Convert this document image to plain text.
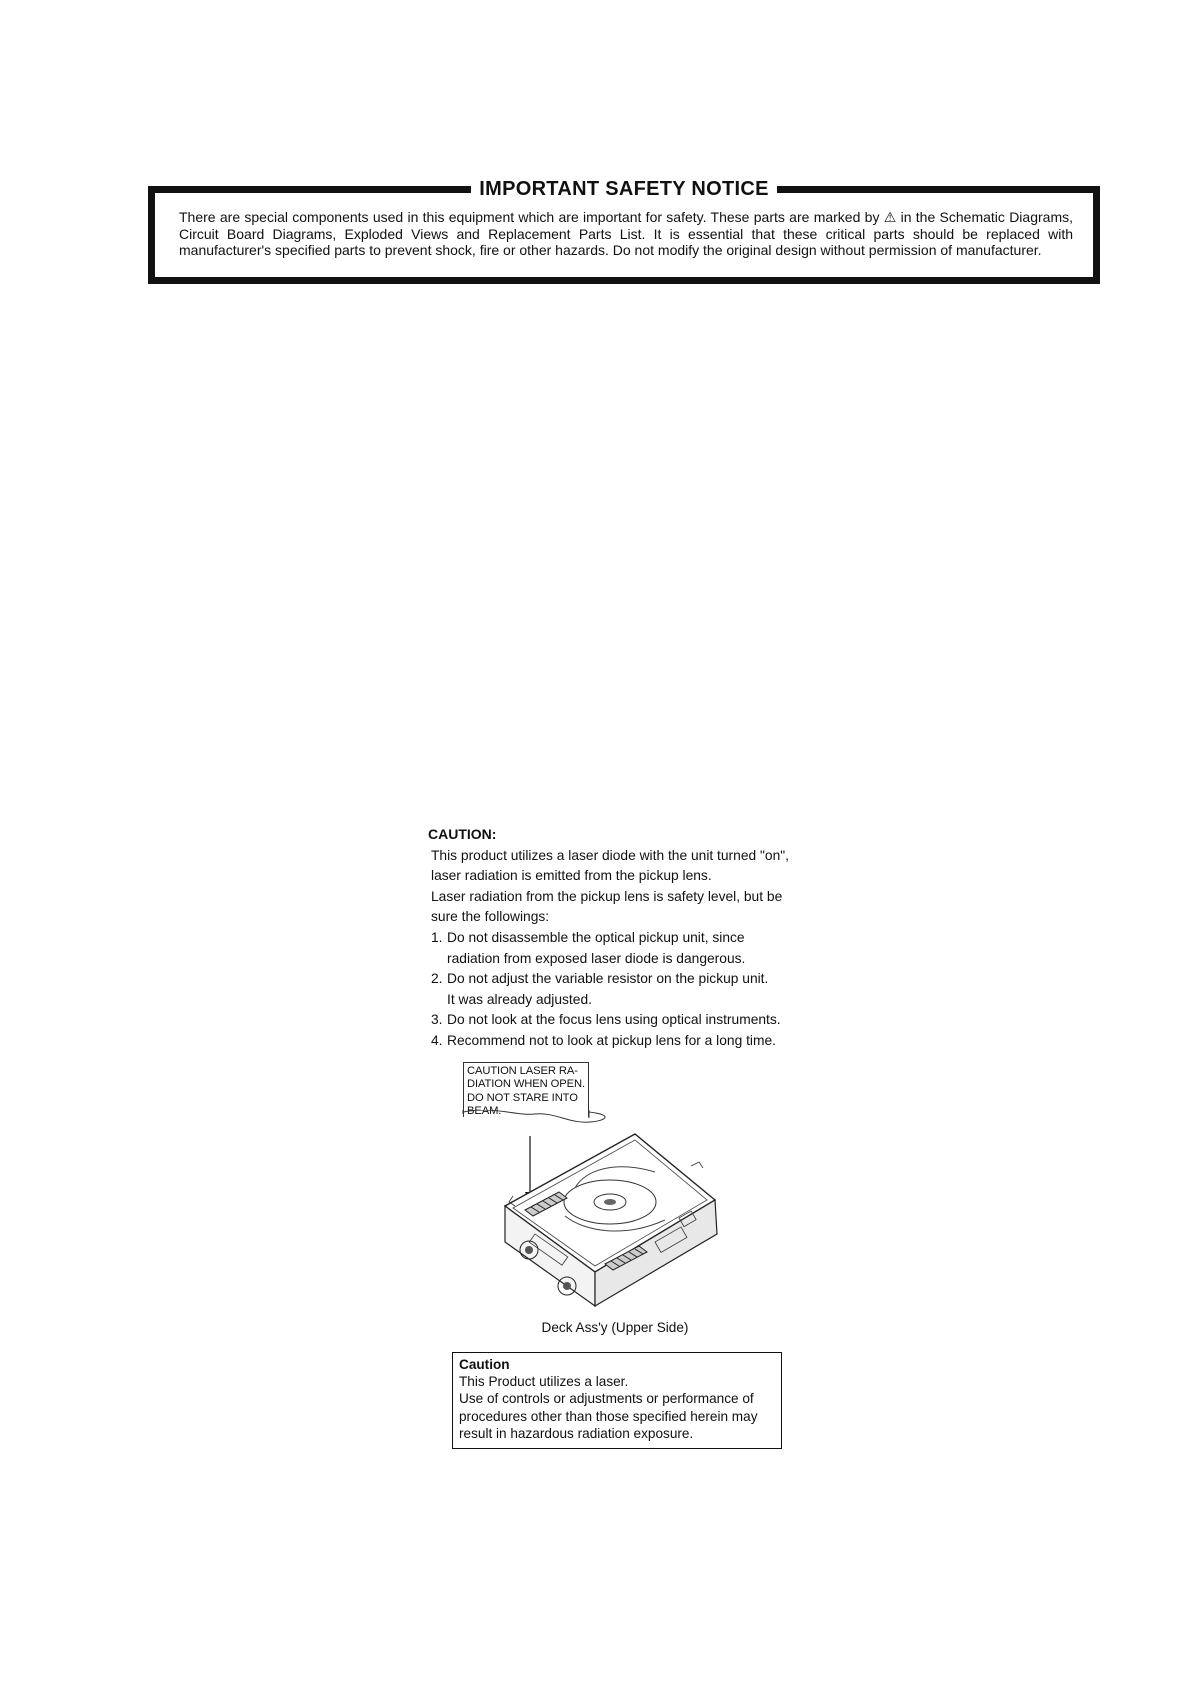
IMPORTANT SAFETY NOTICE

There are special components used in this equipment which are important for safety. These parts are marked by ⚠ in the Schematic Diagrams, Circuit Board Diagrams, Exploded Views and Replacement Parts List. It is essential that these critical parts should be replaced with manufacturer's specified parts to prevent shock, fire or other hazards. Do not modify the original design without permission of manufacturer.

CAUTION:

This product utilizes a laser diode with the unit turned "on",

laser radiation is emitted from the pickup lens.

Laser radiation from the pickup lens is safety level, but be

sure the followings:

1. Do not disassemble the optical pickup unit, since
radiation from exposed laser diode is dangerous.
2. Do not adjust the variable resistor on the pickup unit.
It was already adjusted.
3. Do not look at the focus lens using optical instruments.
4. Recommend not to look at pickup lens for a long time.
CAUTION LASER RA-
DIATION WHEN OPEN.
DO NOT STARE INTO
BEAM.
Deck Ass'y (Upper Side)
Caution
This Product utilizes a laser.
Use of controls or adjustments or performance of
procedures other than those specified herein may
result in hazardous radiation exposure.
